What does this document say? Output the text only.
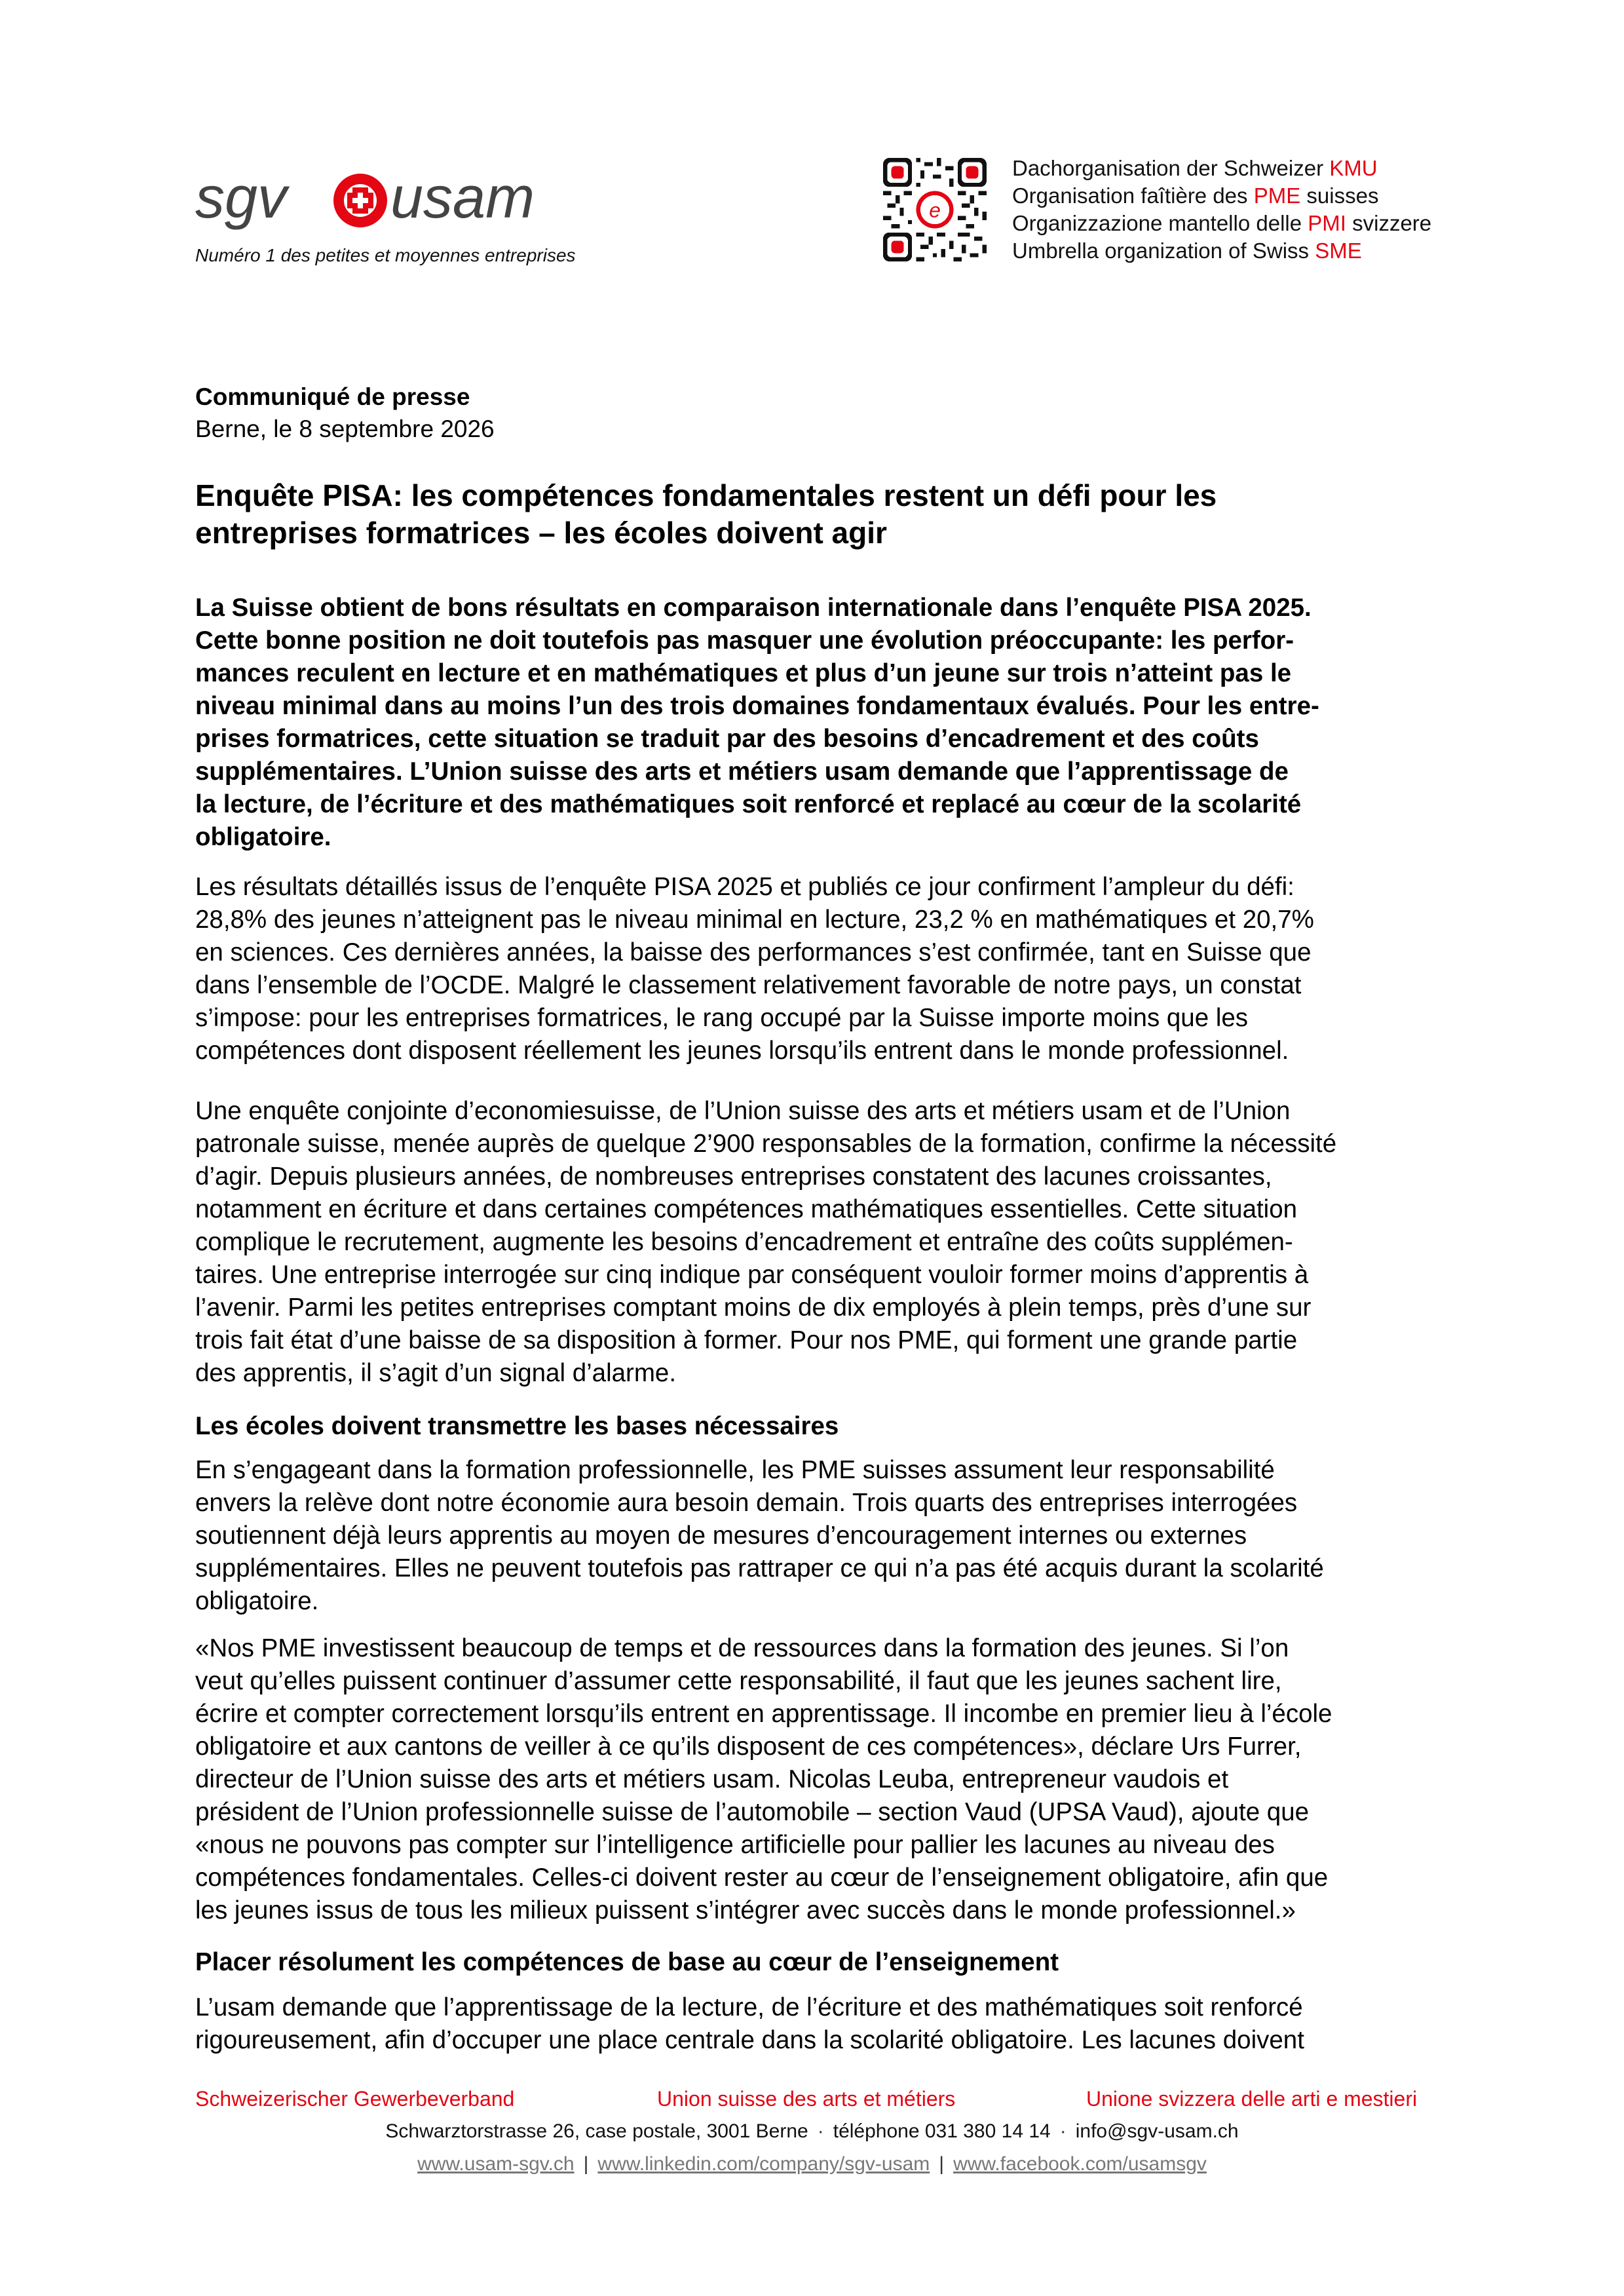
sgv usam
Numéro 1 des petites et moyennes entreprises
e
Dachorganisation der Schweizer KMU
Organisation faîtière des PME suisses
Organizzazione mantello delle PMI svizzere
Umbrella organization of Swiss SME
Communiqué de presse
Berne, le 8 septembre 2026
Enquête PISA: les compétences fondamentales restent un défi pour les
entreprises formatrices – les écoles doivent agir
La Suisse obtient de bons résultats en comparaison internationale dans l’enquête PISA 2025.
Cette bonne position ne doit toutefois pas masquer une évolution préoccupante: les perfor-
mances reculent en lecture et en mathématiques et plus d’un jeune sur trois n’atteint pas le
niveau minimal dans au moins l’un des trois domaines fondamentaux évalués. Pour les entre-
prises formatrices, cette situation se traduit par des besoins d’encadrement et des coûts
supplémentaires. L’Union suisse des arts et métiers usam demande que l’apprentissage de
la lecture, de l’écriture et des mathématiques soit renforcé et replacé au cœur de la scolarité
obligatoire.
Les résultats détaillés issus de l’enquête PISA 2025 et publiés ce jour confirment l’ampleur du défi:
28,8% des jeunes n’atteignent pas le niveau minimal en lecture, 23,2 % en mathématiques et 20,7%
en sciences. Ces dernières années, la baisse des performances s’est confirmée, tant en Suisse que
dans l’ensemble de l’OCDE. Malgré le classement relativement favorable de notre pays, un constat
s’impose: pour les entreprises formatrices, le rang occupé par la Suisse importe moins que les
compétences dont disposent réellement les jeunes lorsqu’ils entrent dans le monde professionnel.
Une enquête conjointe d’economiesuisse, de l’Union suisse des arts et métiers usam et de l’Union
patronale suisse, menée auprès de quelque 2’900 responsables de la formation, confirme la nécessité
d’agir. Depuis plusieurs années, de nombreuses entreprises constatent des lacunes croissantes,
notamment en écriture et dans certaines compétences mathématiques essentielles. Cette situation
complique le recrutement, augmente les besoins d’encadrement et entraîne des coûts supplémen-
taires. Une entreprise interrogée sur cinq indique par conséquent vouloir former moins d’apprentis à
l’avenir. Parmi les petites entreprises comptant moins de dix employés à plein temps, près d’une sur
trois fait état d’une baisse de sa disposition à former. Pour nos PME, qui forment une grande partie
des apprentis, il s’agit d’un signal d’alarme.
Les écoles doivent transmettre les bases nécessaires
En s’engageant dans la formation professionnelle, les PME suisses assument leur responsabilité
envers la relève dont notre économie aura besoin demain. Trois quarts des entreprises interrogées
soutiennent déjà leurs apprentis au moyen de mesures d’encouragement internes ou externes
supplémentaires. Elles ne peuvent toutefois pas rattraper ce qui n’a pas été acquis durant la scolarité
obligatoire.
«Nos PME investissent beaucoup de temps et de ressources dans la formation des jeunes. Si l’on
veut qu’elles puissent continuer d’assumer cette responsabilité, il faut que les jeunes sachent lire,
écrire et compter correctement lorsqu’ils entrent en apprentissage. Il incombe en premier lieu à l’école
obligatoire et aux cantons de veiller à ce qu’ils disposent de ces compétences», déclare Urs Furrer,
directeur de l’Union suisse des arts et métiers usam. Nicolas Leuba, entrepreneur vaudois et
président de l’Union professionnelle suisse de l’automobile – section Vaud (UPSA Vaud), ajoute que
«nous ne pouvons pas compter sur l’intelligence artificielle pour pallier les lacunes au niveau des
compétences fondamentales. Celles-ci doivent rester au cœur de l’enseignement obligatoire, afin que
les jeunes issus de tous les milieux puissent s’intégrer avec succès dans le monde professionnel.»
Placer résolument les compétences de base au cœur de l’enseignement
L’usam demande que l’apprentissage de la lecture, de l’écriture et des mathématiques soit renforcé
rigoureusement, afin d’occuper une place centrale dans la scolarité obligatoire. Les lacunes doivent
Schweizerischer Gewerbeverband	Union suisse des arts et métiers	Unione svizzera delle arti e mestieri
Schwarztorstrasse 26, case postale, 3001 Berne · téléphone 031 380 14 14 · info@sgv-usam.ch
www.usam-sgv.ch | www.linkedin.com/company/sgv-usam | www.facebook.com/usamsgv
